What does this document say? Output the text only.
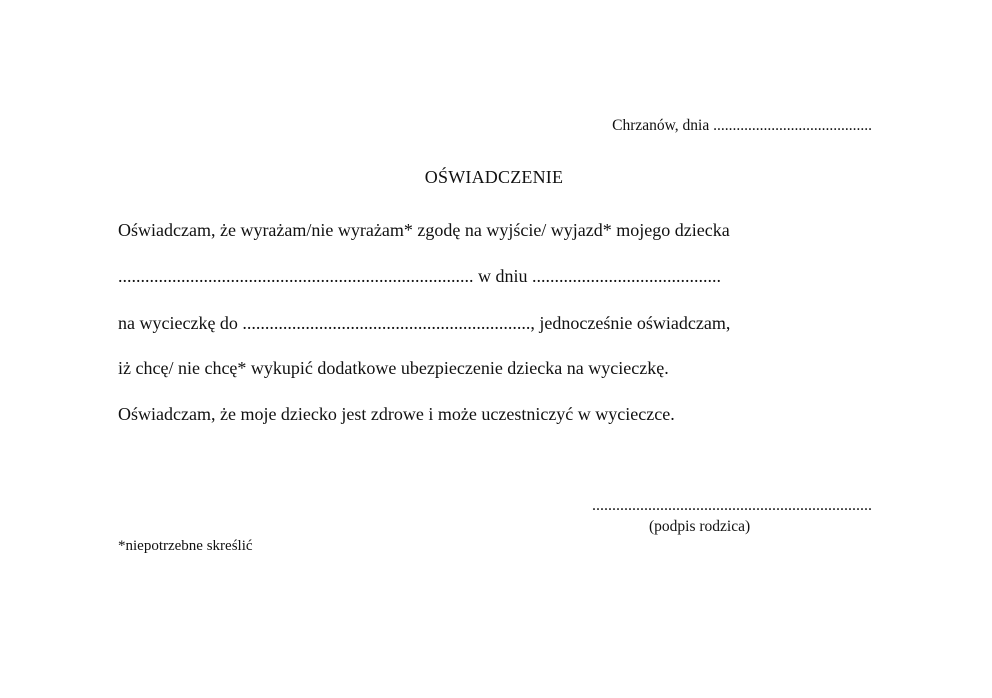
Chrzanów, dnia .........................................
OŚWIADCZENIE
Oświadczam, że wyrażam/nie wyrażam* zgodę na wyjście/ wyjazd* mojego dziecka
............................................................................... w dniu ..........................................
na wycieczkę do ................................................................, jednocześnie oświadczam,
iż chcę/ nie chcę* wykupić dodatkowe ubezpieczenie dziecka na wycieczkę.
Oświadczam, że moje dziecko jest zdrowe i może uczestniczyć w wycieczce.
......................................................................
(podpis rodzica)
*niepotrzebne skreślić
